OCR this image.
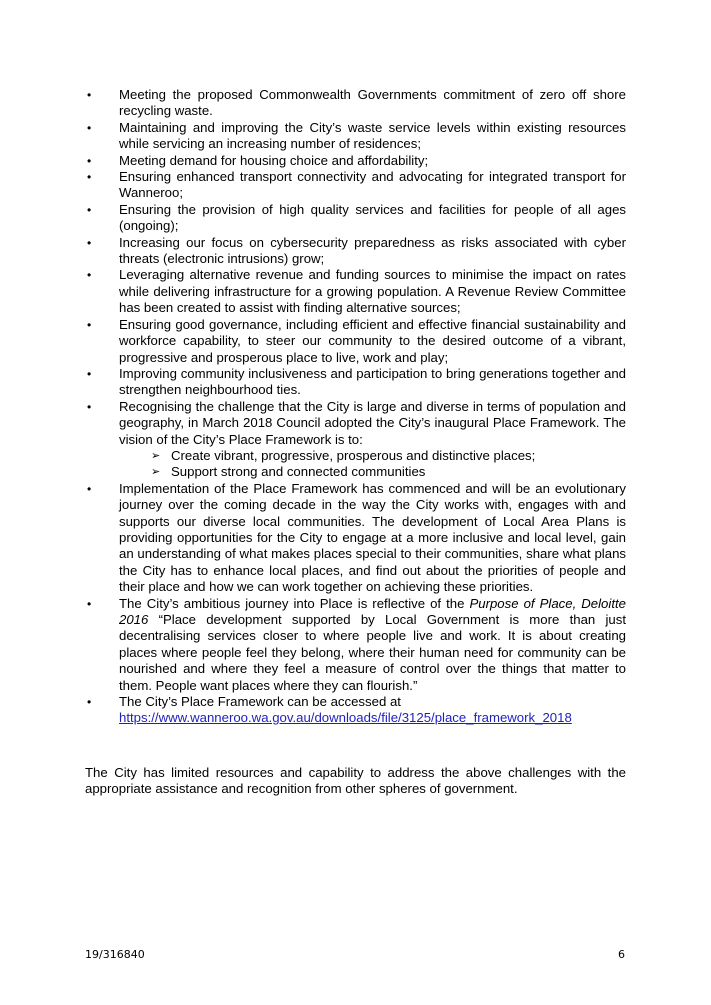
• Meeting the proposed Commonwealth Governments commitment of zero off shore recycling waste.
• Maintaining and improving the City’s waste service levels within existing resources while servicing an increasing number of residences;
• Meeting demand for housing choice and affordability;
• Ensuring enhanced transport connectivity and advocating for integrated transport for Wanneroo;
• Ensuring the provision of high quality services and facilities for people of all ages (ongoing);
• Increasing our focus on cybersecurity preparedness as risks associated with cyber threats (electronic intrusions) grow;
• Leveraging alternative revenue and funding sources to minimise the impact on rates while delivering infrastructure for a growing population. A Revenue Review Committee has been created to assist with finding alternative sources;
• Ensuring good governance, including efficient and effective financial sustainability and workforce capability, to steer our community to the desired outcome of a vibrant, progressive and prosperous place to live, work and play;
• Improving community inclusiveness and participation to bring generations together and strengthen neighbourhood ties.
• Recognising the challenge that the City is large and diverse in terms of population and geography, in March 2018 Council adopted the City’s inaugural Place Framework. The vision of the City’s Place Framework is to:
➢ Create vibrant, progressive, prosperous and distinctive places;
➢ Support strong and connected communities
• Implementation of the Place Framework has commenced and will be an evolutionary journey over the coming decade in the way the City works with, engages with and supports our diverse local communities. The development of Local Area Plans is providing opportunities for the City to engage at a more inclusive and local level, gain an understanding of what makes places special to their communities, share what plans the City has to enhance local places, and find out about the priorities of people and their place and how we can work together on achieving these priorities.
• The City’s ambitious journey into Place is reflective of the Purpose of Place, Deloitte 2016 “Place development supported by Local Government is more than just decentralising services closer to where people live and work. It is about creating places where people feel they belong, where their human need for community can be nourished and where they feel a measure of control over the things that matter to them. People want places where they can flourish.”
• The City’s Place Framework can be accessed at
https://www.wanneroo.wa.gov.au/downloads/file/3125/place_framework_2018

The City has limited resources and capability to address the above challenges with the appropriate assistance and recognition from other spheres of government.

19/316840	6
